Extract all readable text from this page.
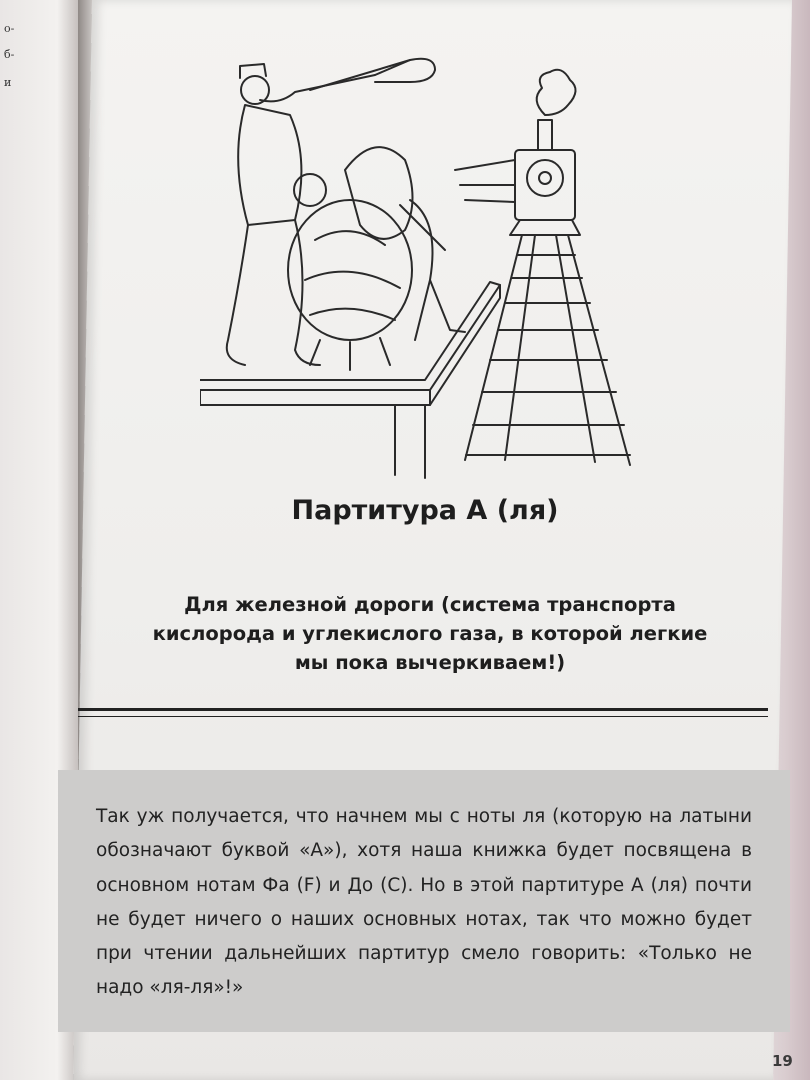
о-
б-
и
Партитура А (ля)

Для железной дороги (система транспорта кислорода и углекислого газа, в которой легкие мы пока вычеркиваем!)

Так уж получается, что начнем мы с ноты ля (которую на латыни обозначают буквой «А»), хотя наша книжка будет посвящена в основном нотам Фа (F) и До (С). Но в этой партитуре А (ля) почти не будет ничего о наших основных нотах, так что можно будет при чтении дальнейших партитур смело говорить: «Только не надо «ля-ля»!»

19
